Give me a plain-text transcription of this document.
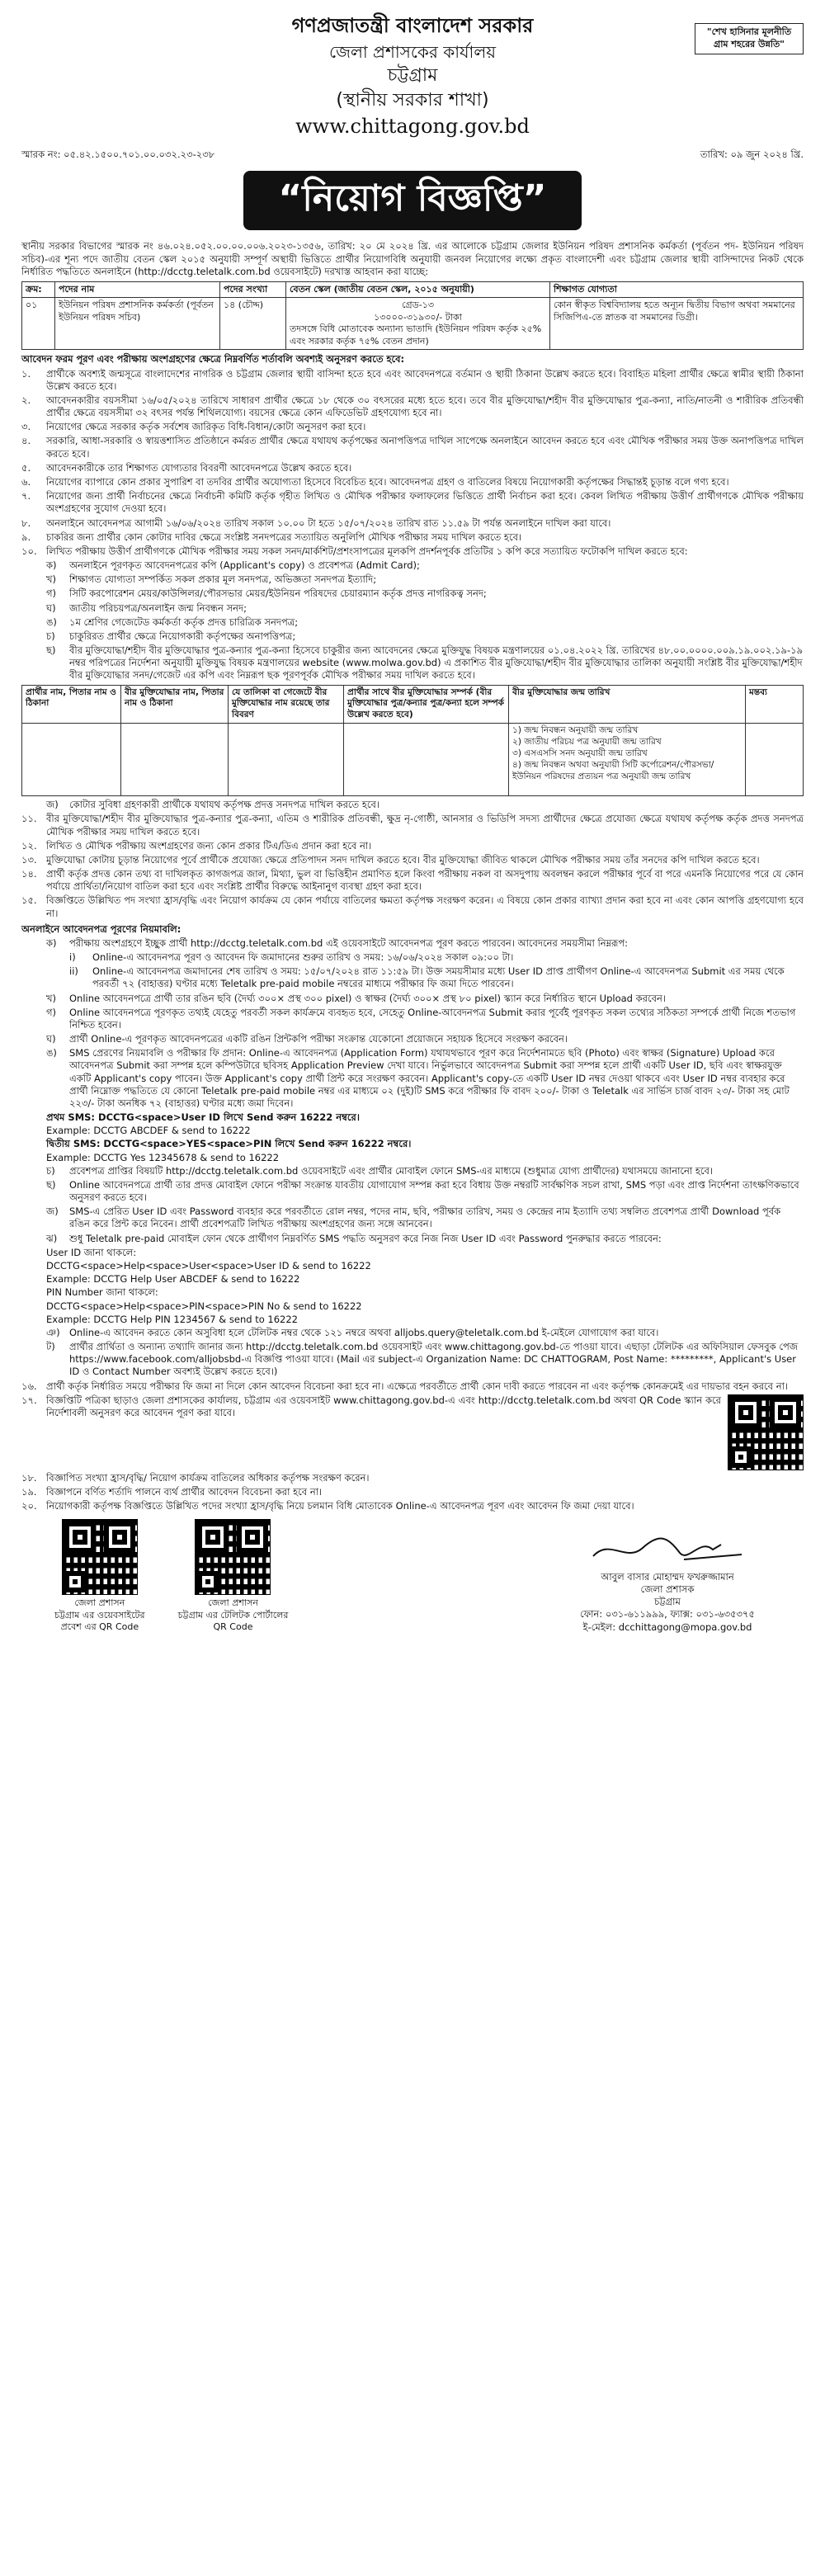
গণপ্রজাতন্ত্রী বাংলাদেশ সরকার
জেলা প্রশাসকের কার্যালয়
চট্টগ্রাম
(স্থানীয় সরকার শাখা)
www.chittagong.gov.bd
"শেখ হাসিনার মূলনীতি গ্রাম শহরের উন্নতি"
স্মারক নং: ০৫.৪২.১৫০০.৭০১.০০.০৩২.২৩-২৩৮	তারিখ: ০৯ জুন ২০২৪ খ্রি.
“নিয়োগ বিজ্ঞপ্তি”

স্থানীয় সরকার বিভাগের স্মারক নং ৪৬.০২৪.০৫২.০০.০০.০০৬.২০২৩-১৩৫৬, তারিখ: ২০ মে ২০২৪ খ্রি. এর আলোকে চট্টগ্রাম জেলার ইউনিয়ন পরিষদ প্রশাসনিক কর্মকর্তা (পূর্বতন পদ- ইউনিয়ন পরিষদ সচিব)-এর শূন্য পদে জাতীয় বেতন স্কেল ২০১৫ অনুযায়ী সম্পূর্ণ অস্থায়ী ভিত্তিতে প্রার্থীর নিয়োগবিধি অনুযায়ী জনবল নিয়োগের লক্ষ্যে প্রকৃত বাংলাদেশী এবং চট্টগ্রাম জেলার স্থায়ী বাসিন্দাদের নিকট থেকে নির্ধারিত পদ্ধতিতে অনলাইনে (http://dcctg.teletalk.com.bd ওয়েবসাইটে) দরখাস্ত আহবান করা যাচ্ছে:

ক্রম:	পদের নাম	পদের সংখ্যা	বেতন স্কেল (জাতীয় বেতন স্কেল, ২০১৫ অনুযায়ী)	শিক্ষাগত যোগ্যতা
০১	ইউনিয়ন পরিষদ প্রশাসনিক কর্মকর্তা (পূর্বতন ইউনিয়ন পরিষদ সচিব)	১৪ (চৌদ্দ)	গ্রেড-১৩
১৩০০০-৩১৯৩০/- টাকা
তদসঙ্গে বিধি মোতাবেক অন্যান্য ভাতাদি (ইউনিয়ন পরিষদ কর্তৃক ২৫% এবং সরকার কর্তৃক ৭৫% বেতন প্রদান)	কোন স্বীকৃত বিশ্ববিদ্যালয় হতে অন্যূন দ্বিতীয় বিভাগ অথবা সমমানের সিজিপিএ-তে স্নাতক বা সমমানের ডিগ্রী।
আবেদন ফরম পূরণ এবং পরীক্ষায় অংশগ্রহণের ক্ষেত্রে নিম্নবর্ণিত শর্তাবলি অবশ্যই অনুসরণ করতে হবে:
১.	প্রার্থীকে অবশ্যই জন্মসূত্রে বাংলাদেশের নাগরিক ও চট্টগ্রাম জেলার স্থায়ী বাসিন্দা হতে হবে এবং আবেদনপত্রে বর্তমান ও স্থায়ী ঠিকানা উল্লেখ করতে হবে। বিবাহিত মহিলা প্রার্থীর ক্ষেত্রে স্বামীর স্থায়ী ঠিকানা উল্লেখ করতে হবে।
২.	আবেদনকারীর বয়সসীমা ১৬/০৫/২০২৪ তারিখে সাধারণ প্রার্থীর ক্ষেত্রে ১৮ থেকে ৩০ বৎসরের মধ্যে হতে হবে। তবে বীর মুক্তিযোদ্ধা/শহীদ বীর মুক্তিযোদ্ধার পুত্র-কন্যা, নাতি/নাতনী ও শারীরিক প্রতিবন্ধী প্রার্থীর ক্ষেত্রে বয়সসীমা ৩২ বৎসর পর্যন্ত শিথিলযোগ্য। বয়সের ক্ষেত্রে কোন এফিডেভিট গ্রহণযোগ্য হবে না।
৩.	নিয়োগের ক্ষেত্রে সরকার কর্তৃক সর্বশেষ জারিকৃত বিধি-বিধান/কোটা অনুসরণ করা হবে।
৪.	সরকারি, আধা-সরকারি ও স্বায়ত্তশাসিত প্রতিষ্ঠানে কর্মরত প্রার্থীর ক্ষেত্রে যথাযথ কর্তৃপক্ষের অনাপত্তিপত্র দাখিল সাপেক্ষে অনলাইনে আবেদন করতে হবে এবং মৌখিক পরীক্ষার সময় উক্ত অনাপত্তিপত্র দাখিল করতে হবে।
৫.	আবেদনকারীকে তার শিক্ষাগত যোগ্যতার বিবরণী আবেদনপত্রে উল্লেখ করতে হবে।
৬.	নিয়োগের ব্যাপারে কোন প্রকার সুপারিশ বা তদবির প্রার্থীর অযোগ্যতা হিসেবে বিবেচিত হবে। আবেদনপত্র গ্রহণ ও বাতিলের বিষয়ে নিয়োগকারী কর্তৃপক্ষের সিদ্ধান্তই চূড়ান্ত বলে গণ্য হবে।
৭.	নিয়োগের জন্য প্রার্থী নির্বাচনের ক্ষেত্রে নির্বাচনী কমিটি কর্তৃক গৃহীত লিখিত ও মৌখিক পরীক্ষার ফলাফলের ভিত্তিতে প্রার্থী নির্বাচন করা হবে। কেবল লিখিত পরীক্ষায় উত্তীর্ণ প্রার্থীগণকে মৌখিক পরীক্ষায় অংশগ্রহণের সুযোগ দেওয়া হবে।
৮.	অনলাইনে আবেদনপত্র আগামী ১৬/০৬/২০২৪ তারিখ সকাল ১০.০০ টা হতে ১৫/০৭/২০২৪ তারিখ রাত ১১.৫৯ টা পর্যন্ত অনলাইনে দাখিল করা যাবে।
৯.	চাকরির জন্য প্রার্থীর কোন কোটার দাবির ক্ষেত্রে সংশ্লিষ্ট সনদপত্রের সত্যায়িত অনুলিপি মৌখিক পরীক্ষার সময় দাখিল করতে হবে।
১০. লিখিত পরীক্ষায় উত্তীর্ণ প্রার্থীগণকে মৌখিক পরীক্ষার সময় সকল সনদ/মার্কশিট/প্রশংসাপত্রের মূলকপি প্রদর্শনপূর্বক প্রতিটির ১ কপি করে সত্যায়িত ফটোকপি দাখিল করতে হবে:
ক)	অনলাইনে পূরণকৃত আবেদনপত্রের কপি (Applicant's copy) ও প্রবেশপত্র (Admit Card);
খ)	শিক্ষাগত যোগ্যতা সম্পর্কিত সকল প্রকার মূল সনদপত্র, অভিজ্ঞতা সনদপত্র ইত্যাদি;
গ)	সিটি করপোরেশন মেয়র/কাউন্সিলর/পৌরসভার মেয়র/ইউনিয়ন পরিষদের চেয়ারম্যান কর্তৃক প্রদত্ত নাগরিকত্ব সনদ;
ঘ)	জাতীয় পরিচয়পত্র/অনলাইন জন্ম নিবন্ধন সনদ;
ঙ)	১ম শ্রেণির গেজেটেড কর্মকর্তা কর্তৃক প্রদত্ত চারিত্রিক সনদপত্র;
চ)	চাকুরিরত প্রার্থীর ক্ষেত্রে নিয়োগকারী কর্তৃপক্ষের অনাপত্তিপত্র;
ছ)	বীর মুক্তিযোদ্ধা/শহীদ বীর মুক্তিযোদ্ধার পুত্র-কন্যার পুত্র-কন্যা হিসেবে চাকুরীর জন্য আবেদনের ক্ষেত্রে মুক্তিযুদ্ধ বিষয়ক মন্ত্রণালয়ের ০১.০৪.২০২২ খ্রি. তারিখের ৪৮.০০.০০০০.০০৯.১৯.০০২.১৯-১৯ নম্বর পরিপত্রের নির্দেশনা অনুযায়ী মুক্তিযুদ্ধ বিষয়ক মন্ত্রণালয়ের website (www.molwa.gov.bd) এ প্রকাশিত বীর মুক্তিযোদ্ধা/শহীদ বীর মুক্তিযোদ্ধার তালিকা অনুযায়ী সংশ্লিষ্ট বীর মুক্তিযোদ্ধা/শহীদ বীর মুক্তিযোদ্ধার সনদ/গেজেট এর কপি এবং নিম্নরূপ ছক পূরণপূর্বক মৌখিক পরীক্ষার সময় দাখিল করতে হবে।
প্রার্থীর নাম, পিতার নাম ও ঠিকানা	বীর মুক্তিযোদ্ধার নাম, পিতার নাম ও ঠিকানা	যে তালিকা বা গেজেটে বীর মুক্তিযোদ্ধার নাম রয়েছে তার বিবরণ	প্রার্থীর সাথে বীর মুক্তিযোদ্ধার সম্পর্ক (বীর মুক্তিযোদ্ধার পুত্র/কন্যার পুত্র/কন্যা হলে সম্পর্ক উল্লেখ করতে হবে)	বীর মুক্তিযোদ্ধার জন্ম তারিখ	মন্তব্য

				১) জন্ম নিবন্ধন অনুযায়ী জন্ম তারিখ
২) জাতীয় পরিচয় পত্র অনুযায়ী জন্ম তারিখ
৩) এসএসসি সনদ অনুযায়ী জন্ম তারিখ
৪) জন্ম নিবন্ধন অথবা অনুযায়ী সিটি কর্পোরেশন/পৌরসভা/ইউনিয়ন পরিষদের প্রত্যয়ন পত্র অনুযায়ী জন্ম তারিখ	

জ)	কোটার সুবিধা গ্রহণকারী প্রার্থীকে যথাযথ কর্তৃপক্ষ প্রদত্ত সনদপত্র দাখিল করতে হবে।
১১. বীর মুক্তিযোদ্ধা/শহীদ বীর মুক্তিযোদ্ধার পুত্র-কন্যার পুত্র-কন্যা, এতিম ও শারীরিক প্রতিবন্ধী, ক্ষুদ্র নৃ-গোষ্ঠী, আনসার ও ভিডিপি সদস্য প্রার্থীদের ক্ষেত্রে প্রযোজ্য ক্ষেত্রে যথাযথ কর্তৃপক্ষ কর্তৃক প্রদত্ত সনদপত্র মৌখিক পরীক্ষার সময় দাখিল করতে হবে।
১২. লিখিত ও মৌখিক পরীক্ষায় অংশগ্রহণের জন্য কোন প্রকার টিএ/ডিএ প্রদান করা হবে না।
১৩. মুক্তিযোদ্ধা কোটায় চূড়ান্ত নিয়োগের পূর্বে প্রার্থীকে প্রযোজ্য ক্ষেত্রে প্রতিপাদন সনদ দাখিল করতে হবে। বীর মুক্তিযোদ্ধা জীবিত থাকলে মৌখিক পরীক্ষার সময় তাঁর সনদের কপি দাখিল করতে হবে।
১৪. প্রার্থী কর্তৃক প্রদত্ত কোন তথ্য বা দাখিলকৃত কাগজপত্র জাল, মিথ্যা, ভুল বা ভিত্তিহীন প্রমাণিত হলে কিংবা পরীক্ষায় নকল বা অসদুপায় অবলম্বন করলে পরীক্ষার পূর্বে বা পরে এমনকি নিয়োগের পরে যে কোন পর্যায়ে প্রার্থিতা/নিয়োগ বাতিল করা হবে এবং সংশ্লিষ্ট প্রার্থীর বিরুদ্ধে আইনানুগ ব্যবস্থা গ্রহণ করা হবে।
১৫. বিজ্ঞপ্তিতে উল্লিখিত পদ সংখ্যা হ্রাস/বৃদ্ধি এবং নিয়োগ কার্যক্রম যে কোন পর্যায়ে বাতিলের ক্ষমতা কর্তৃপক্ষ সংরক্ষণ করেন। এ বিষয়ে কোন প্রকার ব্যাখ্যা প্রদান করা হবে না এবং কোন আপত্তি গ্রহণযোগ্য হবে না।
অনলাইনে আবেদনপত্র পূরণের নিয়মাবলি:
ক)	পরীক্ষায় অংশগ্রহণে ইচ্ছুক প্রার্থী http://dcctg.teletalk.com.bd এই ওয়েবসাইটে আবেদনপত্র পূরণ করতে পারবেন। আবেদনের সময়সীমা নিম্নরূপ:
i)	Online-এ আবেদনপত্র পূরণ ও আবেদন ফি জমাদানের শুরুর তারিখ ও সময়: ১৬/০৬/২০২৪ সকাল ০৯:০০ টা।
ii)	Online-এ আবেদনপত্র জমাদানের শেষ তারিখ ও সময়: ১৫/০৭/২০২৪ রাত ১১:৫৯ টা। উক্ত সময়সীমার মধ্যে User ID প্রাপ্ত প্রার্থীগণ Online-এ আবেদনপত্র Submit এর সময় থেকে পরবর্তী ৭২ (বাহাত্তর) ঘণ্টার মধ্যে Teletalk pre-paid mobile নম্বরের মাধ্যমে পরীক্ষার ফি জমা দিতে পারবেন।
খ)	Online আবেদনপত্রে প্রার্থী তার রঙিন ছবি (দৈর্ঘ্য ৩০০× প্রস্থ ৩০০ pixel) ও স্বাক্ষর (দৈর্ঘ্য ৩০০× প্রস্থ ৮০ pixel) স্ক্যান করে নির্ধারিত স্থানে Upload করবেন।
গ)	Online আবেদনপত্রে পূরণকৃত তথ্যই যেহেতু পরবর্তী সকল কার্যক্রমে ব্যবহৃত হবে, সেহেতু Online-আবেদনপত্র Submit করার পূর্বেই পূরণকৃত সকল তথ্যের সঠিকতা সম্পর্কে প্রার্থী নিজে শতভাগ নিশ্চিত হবেন।
ঘ)	প্রার্থী Online-এ পূরণকৃত আবেদনপত্রের একটি রঙিন প্রিন্টকপি পরীক্ষা সংক্রান্ত যেকোনো প্রয়োজনে সহায়ক হিসেবে সংরক্ষণ করবেন।
ঙ)	SMS প্রেরণের নিয়মাবলি ও পরীক্ষার ফি প্রদান: Online-এ আবেদনপত্র (Application Form) যথাযথভাবে পূরণ করে নির্দেশনামতে ছবি (Photo) এবং স্বাক্ষর (Signature) Upload করে আবেদনপত্র Submit করা সম্পন্ন হলে কম্পিউটারে ছবিসহ Application Preview দেখা যাবে। নির্ভুলভাবে আবেদনপত্র Submit করা সম্পন্ন হলে প্রার্থী একটি User ID, ছবি এবং স্বাক্ষরযুক্ত একটি Applicant's copy পাবেন। উক্ত Applicant's copy প্রার্থী প্রিন্ট করে সংরক্ষণ করবেন। Applicant's copy-তে একটি User ID নম্বর দেওয়া থাকবে এবং User ID নম্বর ব্যবহার করে প্রার্থী নিম্নোক্ত পদ্ধতিতে যে কোনো Teletalk pre-paid mobile নম্বর এর মাধ্যমে ০২ (দুই)টি SMS করে পরীক্ষার ফি বাবদ ২০০/- টাকা ও Teletalk এর সার্ভিস চার্জ বাবদ ২৩/- টাকা সহ মোট ২২৩/- টাকা অনধিক ৭২ (বাহাত্তর) ঘণ্টার মধ্যে জমা দিবেন।
প্রথম SMS: DCCTG<space>User ID লিখে Send করুন 16222 নম্বরে।
Example: DCCTG ABCDEF & send to 16222
দ্বিতীয় SMS: DCCTG<space>YES<space>PIN লিখে Send করুন 16222 নম্বরে।
Example: DCCTG Yes 12345678 & send to 16222
চ)	প্রবেশপত্র প্রাপ্তির বিষয়টি http://dcctg.teletalk.com.bd ওয়েবসাইটে এবং প্রার্থীর মোবাইল ফোনে SMS-এর মাধ্যমে (শুধুমাত্র যোগ্য প্রার্থীদের) যথাসময়ে জানানো হবে।
ছ)	Online আবেদনপত্রে প্রার্থী তার প্রদত্ত মোবাইল ফোনে পরীক্ষা সংক্রান্ত যাবতীয় যোগাযোগ সম্পন্ন করা হবে বিধায় উক্ত নম্বরটি সার্বক্ষণিক সচল রাখা, SMS পড়া এবং প্রাপ্ত নির্দেশনা তাৎক্ষণিকভাবে অনুসরণ করতে হবে।
জ)	SMS-এ প্রেরিত User ID এবং Password ব্যবহার করে পরবর্তীতে রোল নম্বর, পদের নাম, ছবি, পরীক্ষার তারিখ, সময় ও কেন্দ্রের নাম ইত্যাদি তথ্য সম্বলিত প্রবেশপত্র প্রার্থী Download পূর্বক রঙিন করে প্রিন্ট করে নিবেন। প্রার্থী প্রবেশপত্রটি লিখিত পরীক্ষায় অংশগ্রহণের জন্য সঙ্গে আনবেন।
ঝ)	শুধু Teletalk pre-paid মোবাইল ফোন থেকে প্রার্থীগণ নিম্নবর্ণিত SMS পদ্ধতি অনুসরণ করে নিজ নিজ User ID এবং Password পুনরুদ্ধার করতে পারবেন:
User ID জানা থাকলে:
DCCTG<space>Help<space>User<space>User ID & send to 16222
Example: DCCTG Help User ABCDEF & send to 16222
PIN Number জানা থাকলে:
DCCTG<space>Help<space>PIN<space>PIN No & send to 16222
Example: DCCTG Help PIN 1234567 & send to 16222
ঞ) Online-এ আবেদন করতে কোন অসুবিধা হলে টেলিটক নম্বর থেকে ১২১ নম্বরে অথবা alljobs.query@teletalk.com.bd ই-মেইলে যোগাযোগ করা যাবে।
ট)	প্রার্থীর প্রার্থিতা ও অন্যান্য তথ্যাদি জানার জন্য http://dcctg.teletalk.com.bd ওয়েবসাইট এবং www.chittagong.gov.bd-তে পাওয়া যাবে। এছাড়া টেলিটক এর অফিসিয়াল ফেসবুক পেজ https://www.facebook.com/alljobsbd-এ বিজ্ঞপ্তি পাওয়া যাবে। (Mail এর subject-এ Organization Name: DC CHATTOGRAM, Post Name: *********, Applicant's User ID ও Contact Number অবশ্যই উল্লেখ করতে হবে।)
১৬. প্রার্থী কর্তৃক নির্ধারিত সময়ে পরীক্ষার ফি জমা না দিলে কোন আবেদন বিবেচনা করা হবে না। এক্ষেত্রে পরবর্তীতে প্রার্থী কোন দাবী করতে পারবেন না এবং কর্তৃপক্ষ কোনক্রমেই এর দায়ভার বহন করবে না।
১৭. বিজ্ঞপ্তিটি পত্রিকা ছাড়াও জেলা প্রশাসকের কার্যালয়, চট্টগ্রাম এর ওয়েবসাইট www.chittagong.gov.bd-এ এবং http://dcctg.teletalk.com.bd অথবা QR Code স্ক্যান করে নির্দেশাবলী অনুসরণ করে আবেদন পূরণ করা যাবে।
১৮. বিজ্ঞাপিত সংখ্যা হ্রাস/বৃদ্ধি/ নিয়োগ কার্যক্রম বাতিলের অধিকার কর্তৃপক্ষ সংরক্ষণ করেন।
১৯. বিজ্ঞাপনে বর্ণিত শর্তাদি পালনে ব্যর্থ প্রার্থীর আবেদন বিবেচনা করা হবে না।
২০. নিয়োগকারী কর্তৃপক্ষ বিজ্ঞপ্তিতে উল্লিখিত পদের সংখ্যা হ্রাস/বৃদ্ধি নিয়ে চলমান বিধি মোতাবেক Online-এ আবেদনপত্র পূরণ এবং আবেদন ফি জমা দেয়া যাবে।
জেলা প্রশাসন
চট্টগ্রাম এর ওয়েবসাইটের
প্রবেশ এর QR Code
জেলা প্রশাসন
চট্টগ্রাম এর টেলিটক পোর্টালের
QR Code
আবুল বাসার মোহাম্মদ ফখরুজ্জামান
জেলা প্রশাসক
চট্টগ্রাম
ফোন: ০৩১-৬১১৯৯৯, ফ্যাক্স: ০৩১-৬৩৫৩৭৫
ই-মেইল: dcchittagong@mopa.gov.bd
